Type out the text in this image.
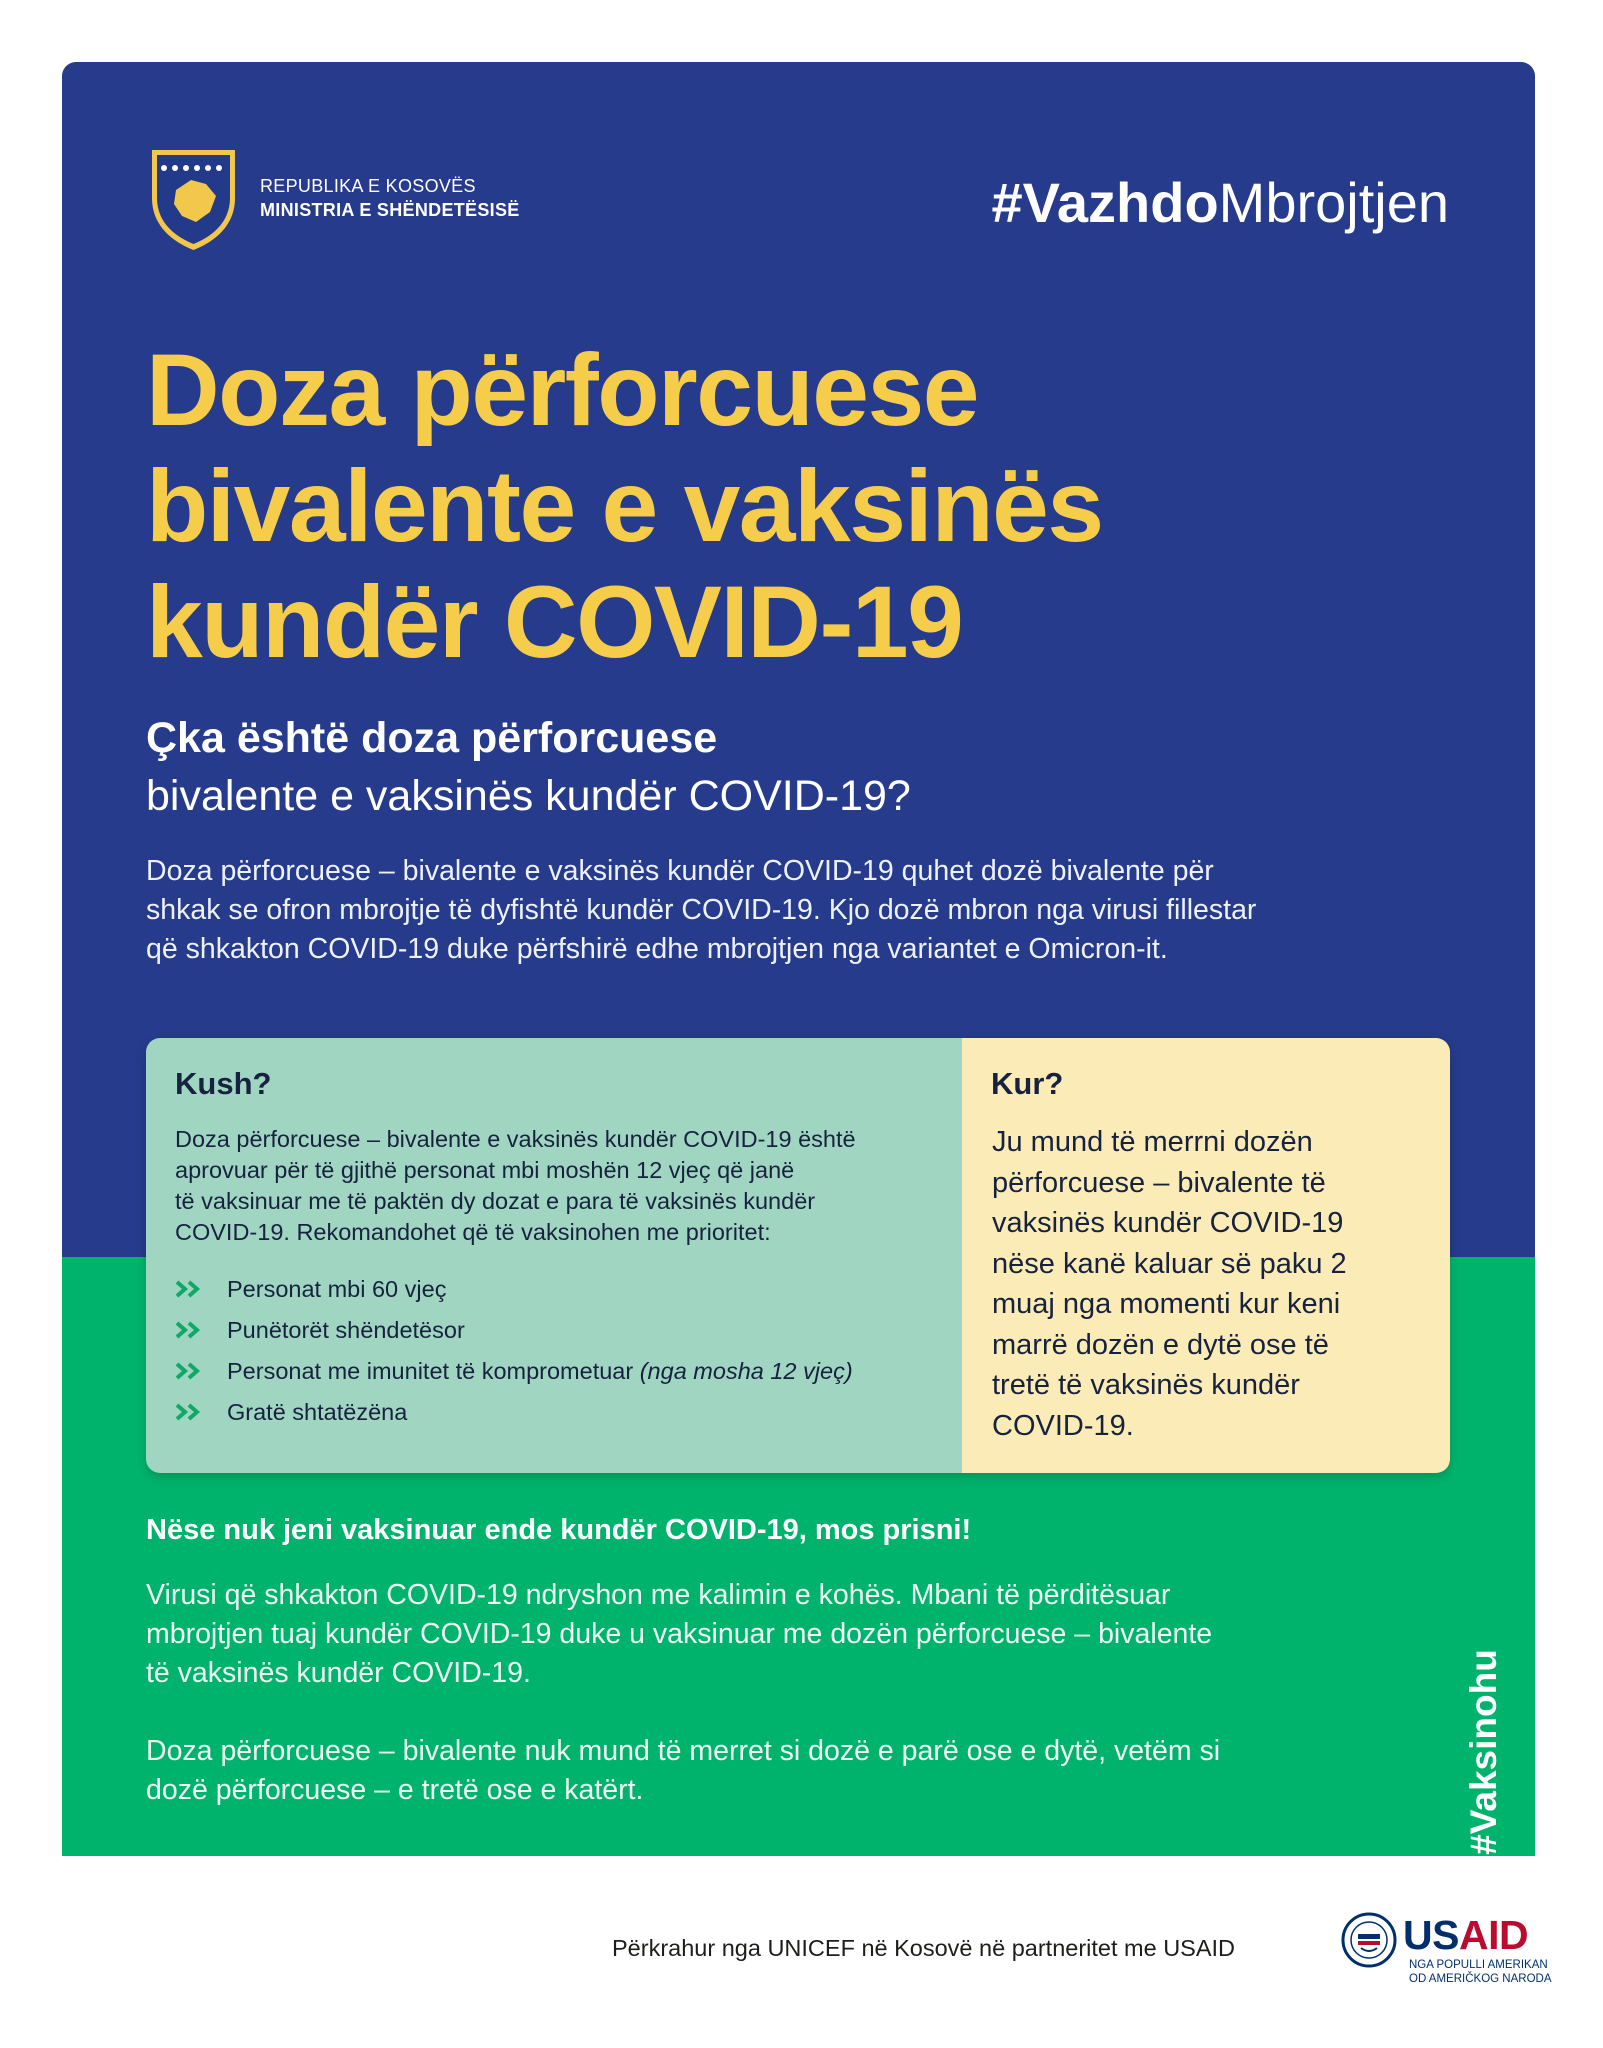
REPUBLIKA E KOSOVËS
MINISTRIA E SHËNDETËSISË	#VazhdoMbrojtjen
Doza përforcuese
bivalente e vaksinës
kundër COVID-19
Çka është doza përforcuese
bivalente e vaksinës kundër COVID-19?
Doza përforcuese – bivalente e vaksinës kundër COVID-19 quhet dozë bivalente për
shkak se ofron mbrojtje të dyfishtë kundër COVID-19. Kjo dozë mbron nga virusi fillestar
që shkakton COVID-19 duke përfshirë edhe mbrojtjen nga variantet e Omicron-it.
Kush?
Doza përforcuese – bivalente e vaksinës kundër COVID-19 është
aprovuar për të gjithë personat mbi moshën 12 vjeç që janë
të vaksinuar me të paktën dy dozat e para të vaksinës kundër
COVID-19. Rekomandohet që të vaksinohen me prioritet:
Personat mbi 60 vjeç
Punëtorët shëndetësor
Personat me imunitet të komprometuar (nga mosha 12 vjeç)
Gratë shtatëzëna
Kur?
Ju mund të merrni dozën
përforcuese – bivalente të
vaksinës kundër COVID-19
nëse kanë kaluar së paku 2
muaj nga momenti kur keni
marrë dozën e dytë ose të
tretë të vaksinës kundër
COVID-19.
Nëse nuk jeni vaksinuar ende kundër COVID-19, mos prisni!
Virusi që shkakton COVID-19 ndryshon me kalimin e kohës. Mbani të përditësuar
mbrojtjen tuaj kundër COVID-19 duke u vaksinuar me dozën përforcuese – bivalente
të vaksinës kundër COVID-19.
Doza përforcuese – bivalente nuk mund të merret si dozë e parë ose e dytë, vetëm si
dozë përforcuese – e tretë ose e katërt.	#Vaksinohu
Përkrahur nga UNICEF në Kosovë në partneritet me USAID	USAID
NGA POPULLI AMERIKAN
OD AMERIČKOG NARODA
